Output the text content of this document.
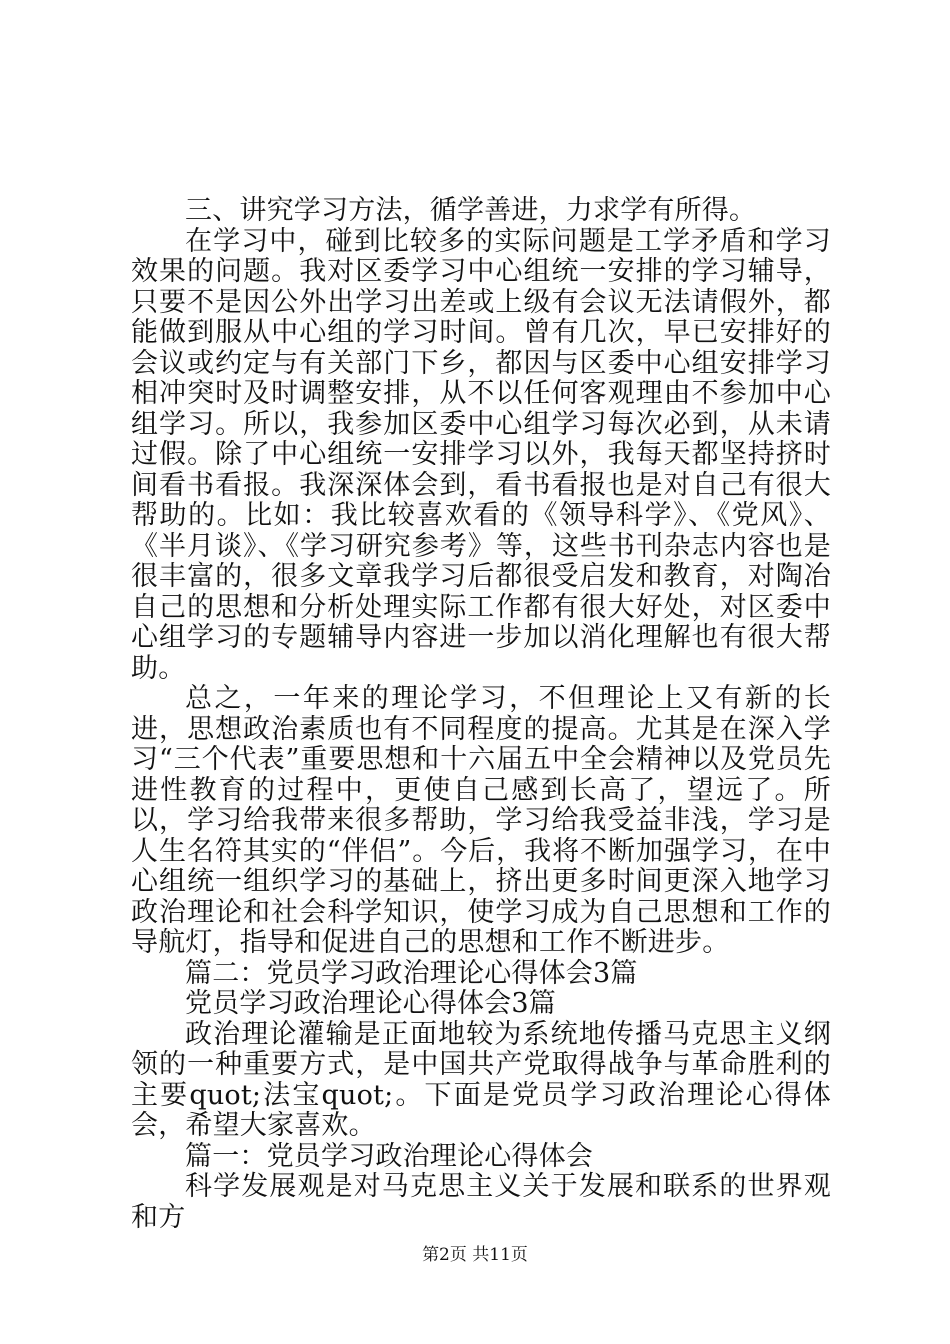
三、讲究学习方法，循学善进，力求学有所得。

在学习中，碰到比较多的实际问题是工学矛盾和学习效果的问题。我对区委学习中心组统一安排的学习辅导，只要不是因公外出学习出差或上级有会议无法请假外，都能做到服从中心组的学习时间。曾有几次，早已安排好的会议或约定与有关部门下乡，都因与区委中心组安排学习相冲突时及时调整安排，从不以任何客观理由不参加中心组学习。所以，我参加区委中心组学习每次必到，从未请过假。除了中心组统一安排学习以外，我每天都坚持挤时间看书看报。我深深体会到，看书看报也是对自己有很大帮助的。比如：我比较喜欢看的《领导科学》、《党风》、《半月谈》、《学习研究参考》等，这些书刊杂志内容也是很丰富的，很多文章我学习后都很受启发和教育，对陶冶自己的思想和分析处理实际工作都有很大好处，对区委中心组学习的专题辅导内容进一步加以消化理解也有很大帮助。

总之，一年来的理论学习，不但理论上又有新的长进，思想政治素质也有不同程度的提高。尤其是在深入学习“三个代表”重要思想和十六届五中全会精神以及党员先进性教育的过程中，更使自己感到长高了，望远了。所以，学习给我带来很多帮助，学习给我受益非浅，学习是人生名符其实的“伴侣”。今后，我将不断加强学习，在中心组统一组织学习的基础上，挤出更多时间更深入地学习政治理论和社会科学知识，使学习成为自己思想和工作的导航灯，指导和促进自己的思想和工作不断进步。

篇二：党员学习政治理论心得体会3篇

党员学习政治理论心得体会3篇

政治理论灌输是正面地较为系统地传播马克思主义纲领的一种重要方式，是中国共产党取得战争与革命胜利的主要quot;法宝quot;。下面是党员学习政治理论心得体会，希望大家喜欢。

篇一：党员学习政治理论心得体会

科学发展观是对马克思主义关于发展和联系的世界观和方

第2页 共11页
